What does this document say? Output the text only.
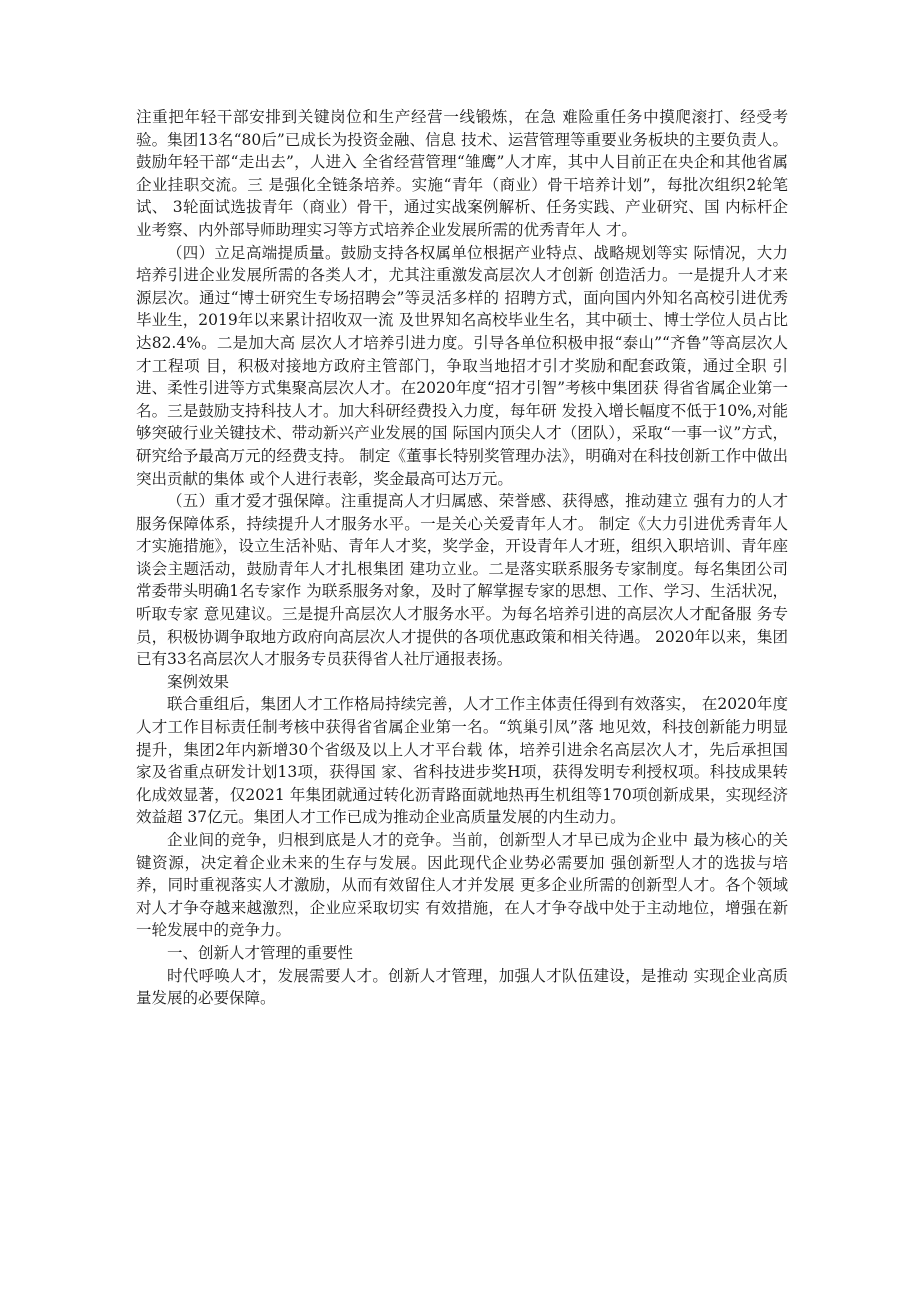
注重把年轻干部安排到关键岗位和生产经营一线锻炼，在急 难险重任务中摸爬滚打、经受考验。集团13名“80后”已成长为投资金融、信息 技术、运营管理等重要业务板块的主要负责人。鼓励年轻干部“走出去”，人进入 全省经营管理“雏鹰”人才库，其中人目前正在央企和其他省属企业挂职交流。三 是强化全链条培养。实施“青年（商业）骨干培养计划”，每批次组织2轮笔试、 3轮面试选拔青年（商业）骨干，通过实战案例解析、任务实践、产业研究、国 内标杆企业考察、内外部导师助理实习等方式培养企业发展所需的优秀青年人 才。

（四）立足高端提质量。鼓励支持各权属单位根据产业特点、战略规划等实 际情况，大力培养引进企业发展所需的各类人才，尤其注重激发高层次人才创新 创造活力。一是提升人才来源层次。通过“博士研究生专场招聘会”等灵活多样的 招聘方式，面向国内外知名高校引进优秀毕业生，2019年以来累计招收双一流 及世界知名高校毕业生名，其中硕士、博士学位人员占比达82.4%。二是加大高 层次人才培养引进力度。引导各单位积极申报“泰山”“齐鲁”等高层次人才工程项 目，积极对接地方政府主管部门，争取当地招才引才奖励和配套政策，通过全职 引进、柔性引进等方式集聚高层次人才。在2020年度“招才引智”考核中集团获 得省省属企业第一名。三是鼓励支持科技人才。加大科研经费投入力度，每年研 发投入增长幅度不低于10%,对能够突破行业关键技术、带动新兴产业发展的国 际国内顶尖人才（团队），采取“一事一议”方式，研究给予最高万元的经费支持。 制定《董事长特别奖管理办法》，明确对在科技创新工作中做出突出贡献的集体 或个人进行表彰，奖金最高可达万元。

（五）重才爱才强保障。注重提高人才归属感、荣誉感、获得感，推动建立 强有力的人才服务保障体系，持续提升人才服务水平。一是关心关爱青年人才。 制定《大力引进优秀青年人才实施措施》，设立生活补贴、青年人才奖，奖学金，开设青年人才班，组织入职培训、青年座谈会主题活动，鼓励青年人才扎根集团 建功立业。二是落实联系服务专家制度。每名集团公司常委带头明确1名专家作 为联系服务对象，及时了解掌握专家的思想、工作、学习、生活状况，听取专家 意见建议。三是提升高层次人才服务水平。为每名培养引进的高层次人才配备服 务专员，积极协调争取地方政府向高层次人才提供的各项优惠政策和相关待遇。 2020年以来，集团已有33名高层次人才服务专员获得省人社厅通报表扬。

案例效果

联合重组后，集团人才工作格局持续完善，人才工作主体责任得到有效落实， 在2020年度人才工作目标责任制考核中获得省省属企业第一名。“筑巢引凤”落 地见效，科技创新能力明显提升，集团2年内新增30个省级及以上人才平台载 体，培养引进余名高层次人才，先后承担国家及省重点研发计划13项，获得国 家、省科技进步奖H项，获得发明专利授权项。科技成果转化成效显著，仅2021 年集团就通过转化沥青路面就地热再生机组等170项创新成果，实现经济效益超 37亿元。集团人才工作已成为推动企业高质量发展的内生动力。

企业间的竞争，归根到底是人才的竞争。当前，创新型人才早已成为企业中 最为核心的关键资源，决定着企业未来的生存与发展。因此现代企业势必需要加 强创新型人才的选拔与培养，同时重视落实人才激励，从而有效留住人才并发展 更多企业所需的创新型人才。各个领域对人才争夺越来越激烈，企业应采取切实 有效措施，在人才争夺战中处于主动地位，增强在新一轮发展中的竞争力。

一、创新人才管理的重要性

时代呼唤人才，发展需要人才。创新人才管理，加强人才队伍建设，是推动 实现企业高质量发展的必要保障。
